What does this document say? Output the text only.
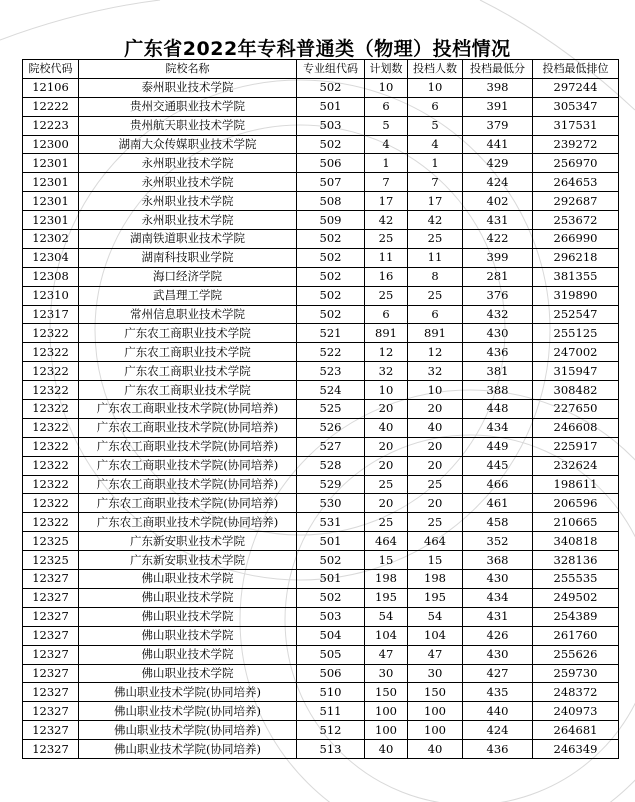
广东省2022年专科普通类（物理）投档情况
院校代码	院校名称	专业组代码	计划数	投档人数	投档最低分	投档最低排位
12106	泰州职业技术学院	502	10	10	398	297244
12222	贵州交通职业技术学院	501	6	6	391	305347
12223	贵州航天职业技术学院	503	5	5	379	317531
12300	湖南大众传媒职业技术学院	502	4	4	441	239272
12301	永州职业技术学院	506	1	1	429	256970
12301	永州职业技术学院	507	7	7	424	264653
12301	永州职业技术学院	508	17	17	402	292687
12301	永州职业技术学院	509	42	42	431	253672
12302	湖南铁道职业技术学院	502	25	25	422	266990
12304	湖南科技职业学院	502	11	11	399	296218
12308	海口经济学院	502	16	8	281	381355
12310	武昌理工学院	502	25	25	376	319890
12317	常州信息职业技术学院	502	6	6	432	252547
12322	广东农工商职业技术学院	521	891	891	430	255125
12322	广东农工商职业技术学院	522	12	12	436	247002
12322	广东农工商职业技术学院	523	32	32	381	315947
12322	广东农工商职业技术学院	524	10	10	388	308482
12322	广东农工商职业技术学院(协同培养)	525	20	20	448	227650
12322	广东农工商职业技术学院(协同培养)	526	40	40	434	246608
12322	广东农工商职业技术学院(协同培养)	527	20	20	449	225917
12322	广东农工商职业技术学院(协同培养)	528	20	20	445	232624
12322	广东农工商职业技术学院(协同培养)	529	25	25	466	198611
12322	广东农工商职业技术学院(协同培养)	530	20	20	461	206596
12322	广东农工商职业技术学院(协同培养)	531	25	25	458	210665
12325	广东新安职业技术学院	501	464	464	352	340818
12325	广东新安职业技术学院	502	15	15	368	328136
12327	佛山职业技术学院	501	198	198	430	255535
12327	佛山职业技术学院	502	195	195	434	249502
12327	佛山职业技术学院	503	54	54	431	254389
12327	佛山职业技术学院	504	104	104	426	261760
12327	佛山职业技术学院	505	47	47	430	255626
12327	佛山职业技术学院	506	30	30	427	259730
12327	佛山职业技术学院(协同培养)	510	150	150	435	248372
12327	佛山职业技术学院(协同培养)	511	100	100	440	240973
12327	佛山职业技术学院(协同培养)	512	100	100	424	264681
12327	佛山职业技术学院(协同培养)	513	40	40	436	246349
